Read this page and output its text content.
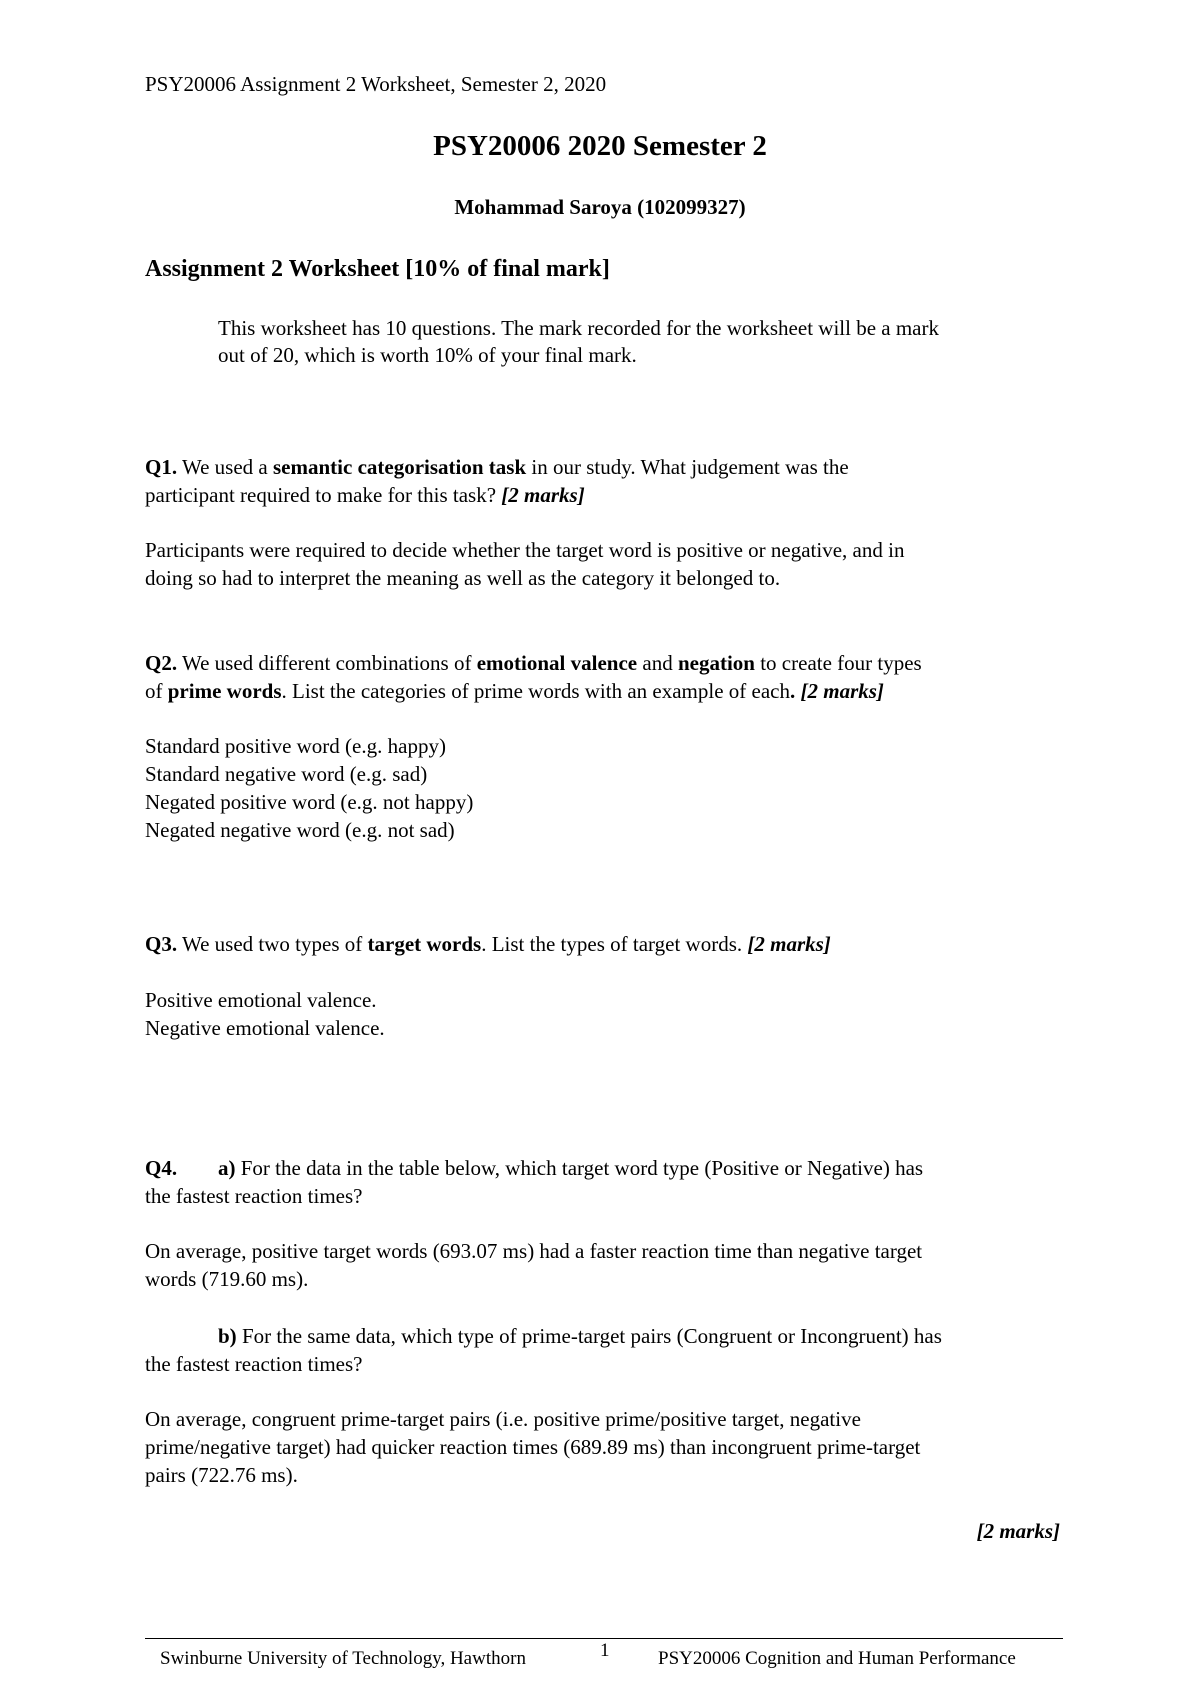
PSY20006 Assignment 2 Worksheet, Semester 2, 2020
PSY20006 2020 Semester 2
Mohammad Saroya (102099327)
Assignment 2 Worksheet [10% of final mark]
This worksheet has 10 questions. The mark recorded for the worksheet will be a mark
out of 20, which is worth 10% of your final mark.
Q1. We used a semantic categorisation task in our study. What judgement was the
participant required to make for this task? [2 marks]
Participants were required to decide whether the target word is positive or negative, and in
doing so had to interpret the meaning as well as the category it belonged to.
Q2. We used different combinations of emotional valence and negation to create four types
of prime words. List the categories of prime words with an example of each. [2 marks]
Standard positive word (e.g. happy)
Standard negative word (e.g. sad)
Negated positive word (e.g. not happy)
Negated negative word (e.g. not sad)
Q3. We used two types of target words. List the types of target words. [2 marks]
Positive emotional valence.
Negative emotional valence.
Q4. a) For the data in the table below, which target word type (Positive or Negative) has
the fastest reaction times?
On average, positive target words (693.07 ms) had a faster reaction time than negative target
words (719.60 ms).
b) For the same data, which type of prime-target pairs (Congruent or Incongruent) has
the fastest reaction times?
On average, congruent prime-target pairs (i.e. positive prime/positive target, negative
prime/negative target) had quicker reaction times (689.89 ms) than incongruent prime-target
pairs (722.76 ms).
[2 marks]
Swinburne University of Technology, Hawthorn	1	PSY20006 Cognition and Human Performance
